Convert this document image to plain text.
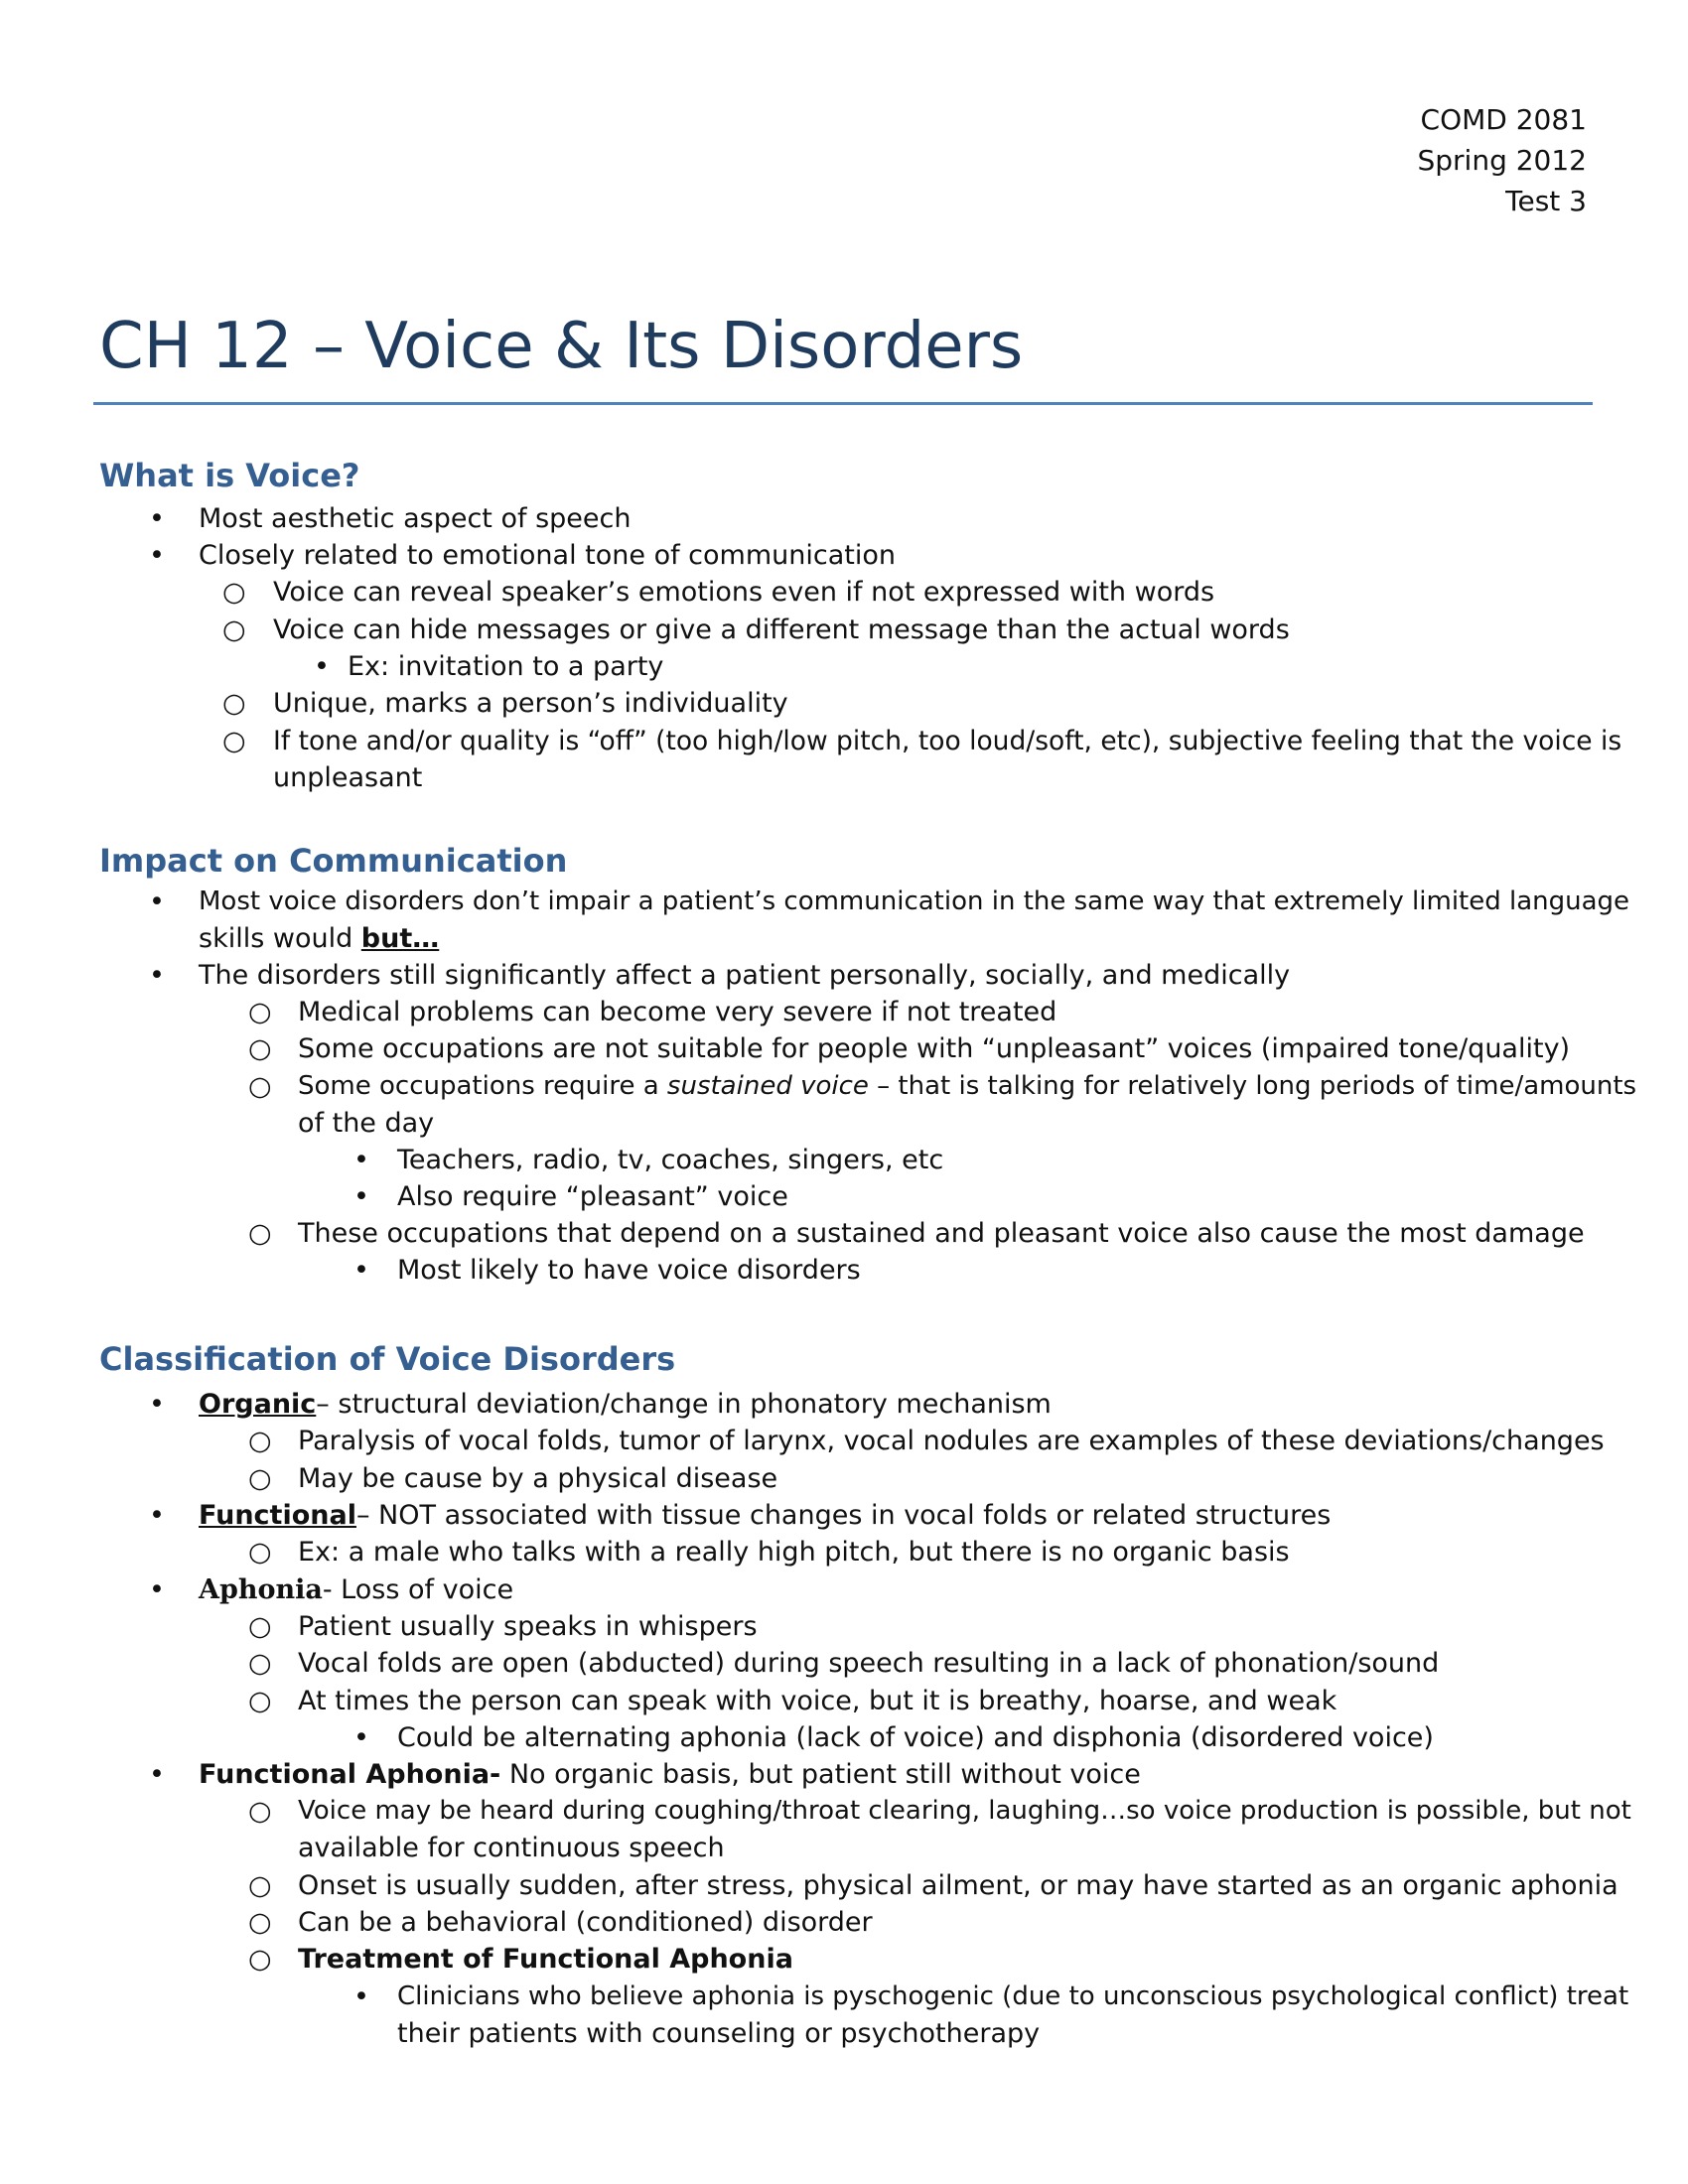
COMD 2081
Spring 2012
Test 3
CH 12 – Voice & Its Disorders
What is Voice?
• Most aesthetic aspect of speech
• Closely related to emotional tone of communication
○ Voice can reveal speaker’s emotions even if not expressed with words
○ Voice can hide messages or give a different message than the actual words
• Ex: invitation to a party
○ Unique, marks a person’s individuality
○ If tone and/or quality is “off” (too high/low pitch, too loud/soft, etc), subjective feeling that the voice is
unpleasant
Impact on Communication
• Most voice disorders don’t impair a patient’s communication in the same way that extremely limited language
skills would but…
• The disorders still significantly affect a patient personally, socially, and medically
○ Medical problems can become very severe if not treated
○ Some occupations are not suitable for people with “unpleasant” voices (impaired tone/quality)
○ Some occupations require a sustained voice – that is talking for relatively long periods of time/amounts
of the day
• Teachers, radio, tv, coaches, singers, etc
• Also require “pleasant” voice
○ These occupations that depend on a sustained and pleasant voice also cause the most damage
• Most likely to have voice disorders
Classification of Voice Disorders
• Organic– structural deviation/change in phonatory mechanism
○ Paralysis of vocal folds, tumor of larynx, vocal nodules are examples of these deviations/changes
○ May be cause by a physical disease
• Functional– NOT associated with tissue changes in vocal folds or related structures
○ Ex: a male who talks with a really high pitch, but there is no organic basis
• Aphonia- Loss of voice
○ Patient usually speaks in whispers
○ Vocal folds are open (abducted) during speech resulting in a lack of phonation/sound
○ At times the person can speak with voice, but it is breathy, hoarse, and weak
• Could be alternating aphonia (lack of voice) and disphonia (disordered voice)
• Functional Aphonia- No organic basis, but patient still without voice
○ Voice may be heard during coughing/throat clearing, laughing…so voice production is possible, but not
available for continuous speech
○ Onset is usually sudden, after stress, physical ailment, or may have started as an organic aphonia
○ Can be a behavioral (conditioned) disorder
○ Treatment of Functional Aphonia
• Clinicians who believe aphonia is pyschogenic (due to unconscious psychological conflict) treat
their patients with counseling or psychotherapy
